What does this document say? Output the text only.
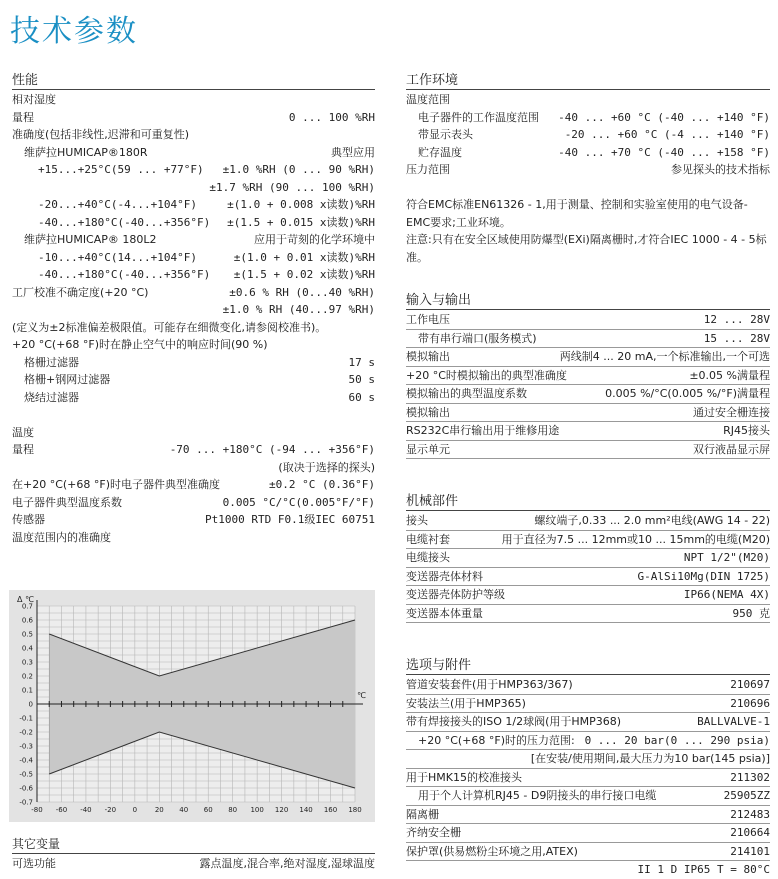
技术参数
性能
相对湿度
量程	0 ... 100 %RH
准确度(包括非线性,迟滞和可重复性)
维萨拉HUMICAP®180R	典型应用
+15...+25°C(59 ... +77°F) ±1.0 %RH (0 ... 90 %RH)
±1.7 %RH (90 ... 100 %RH)
-20...+40°C(-4...+104°F)	±(1.0 + 0.008 x读数)%RH
-40...+180°C(-40...+356°F) ±(1.5 + 0.015 x读数)%RH
维萨拉HUMICAP® 180L2	应用于苛刻的化学环境中
-10...+40°C(14...+104°F)	±(1.0 + 0.01 x读数)%RH
-40...+180°C(-40...+356°F) ±(1.5 + 0.02 x读数)%RH
工厂校准不确定度(+20 °C)	±0.6 % RH (0...40 %RH)
±1.0 % RH (40...97 %RH)
(定义为±2标准偏差极限值。可能存在细微变化,请参阅校准书)。
+20 °C(+68 °F)时在静止空气中的响应时间(90 %)
格栅过滤器	17 s
格栅+钢网过滤器	50 s
烧结过滤器	60 s
温度
量程	-70 ... +180°C (-94 ... +356°F)
(取决于选择的探头)
在+20 °C(+68 °F)时电子器件典型准确度	±0.2 °C (0.36°F)
电子器件典型温度系数	0.005 °C/°C(0.005°F/°F)
传感器	Pt1000 RTD F0.1级IEC 60751
温度范围内的准确度
-80 -60 -40 -20 0	20 40 60 80 100 120 140 160 180
0.7
0.6
0.5
0.4
0.3
0.2
0.1
0
-0.1
-0.2
-0.3
-0.4
-0.5
-0.6
-0.7
Δ ℃
℃
其它变量
可选功能	露点温度,混合率,绝对湿度,湿球温度
工作环境
温度范围
电子器件的工作温度范围 -40 ... +60 °C (-40 ... +140 °F)
带显示表头	-20 ... +60 °C (-4 ... +140 °F)
贮存温度	-40 ... +70 °C (-40 ... +158 °F)
压力范围	参见探头的技术指标
符合EMC标准EN61326 - 1,用于测量、控制和实验室使用的电气设备- EMC要求;工业环境。
注意:只有在安全区域使用防爆型(EXi)隔离栅时,才符合IEC 1000 - 4 - 5标准。
输入与输出
工作电压	12 ... 28V
带有串行端口(服务模式)	15 ... 28V
模拟输出	两线制4 ... 20 mA,一个标准输出,一个可选
+20 °C时模拟输出的典型准确度	±0.05 %满量程
模拟输出的典型温度系数	0.005 %/°C(0.005 %/°F)满量程
模拟输出	通过安全栅连接
RS232C串行输出用于维修用途	RJ45接头
显示单元	双行液晶显示屏
机械部件
接头	螺纹端子,0.33 ... 2.0 mm²电线(AWG 14 - 22)
电缆衬套	用于直径为7.5 ... 12mm或10 ... 15mm的电缆(M20)
电缆接头	NPT 1/2"(M20)
变送器壳体材料	G-AlSi10Mg(DIN 1725)
变送器壳体防护等级	IP66(NEMA 4X)
变送器本体重量	950 克
选项与附件
管道安装套件(用于HMP363/367)	210697
安装法兰(用于HMP365)	210696
带有焊接接头的ISO 1/2球阀(用于HMP368)	BALLVALVE-1
+20 °C(+68 °F)时的压力范围: 0 ... 20 bar(0 ... 290 psia)
[在安装/使用期间,最大压力为10 bar(145 psia)]
用于HMK15的校准接头	211302
用于个人计算机RJ45 - D9阴接头的串行接口电缆	25905ZZ
隔离栅	212483
齐纳安全栅	210664
保护罩(供易燃粉尘环境之用,ATEX)	214101
II 1 D IP65 T = 80°C
